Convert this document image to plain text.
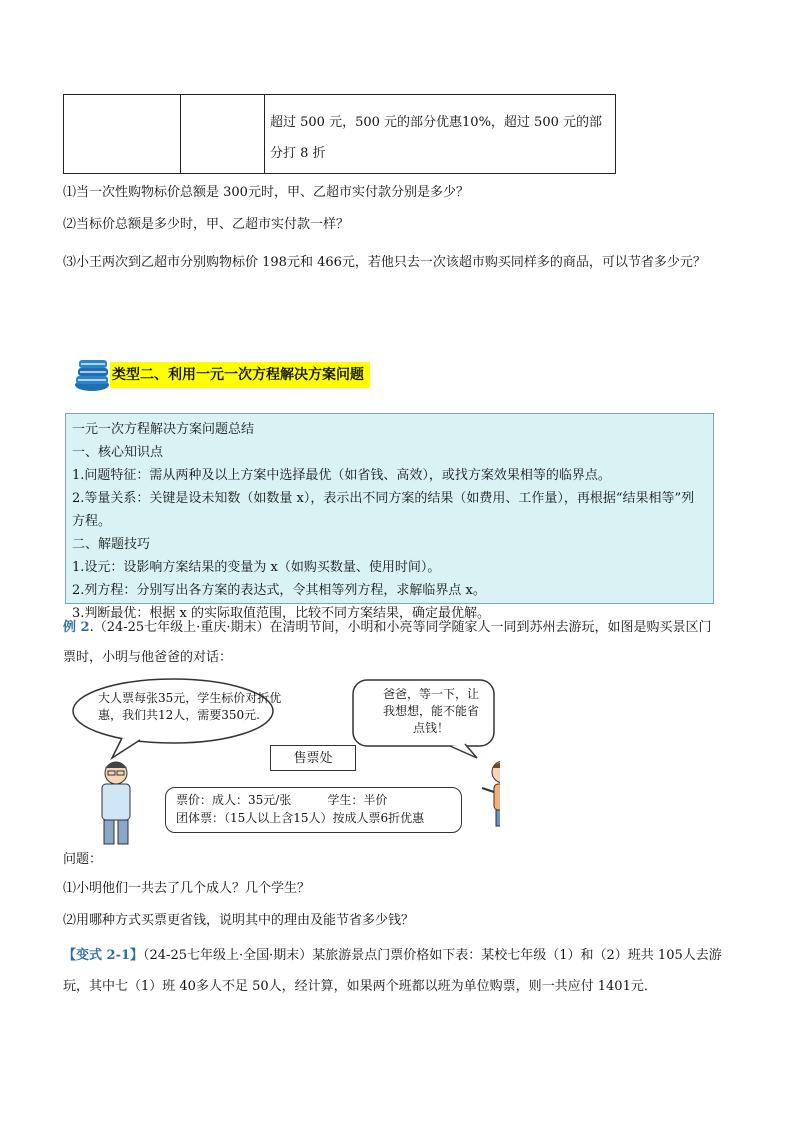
超过 500 元，500 元的部分优惠10%，超过 500 元的部分打 8 折
⑴当一次性购物标价总额是 300元时，甲、乙超市实付款分别是多少？
⑵当标价总额是多少时，甲、乙超市实付款一样？
⑶小王两次到乙超市分别购物标价 198元和 466元，若他只去一次该超市购买同样多的商品，可以节省多少元？
类型二、利用一元一次方程解决方案问题
一元一次方程解决方案问题总结
一、核心知识点
1.问题特征：需从两种及以上方案中选择最优（如省钱、高效），或找方案效果相等的临界点。
2.等量关系：关键是设未知数（如数量 x），表示出不同方案的结果（如费用、工作量），再根据“结果相等”列方程。
二、解题技巧
1.设元：设影响方案结果的变量为 x（如购买数量、使用时间）。
2.列方程：分别写出各方案的表达式，令其相等列方程，求解临界点 x。
3.判断最优：根据 x 的实际取值范围，比较不同方案结果，确定最优解。
例 2.（24-25七年级上·重庆·期末）在清明节间，小明和小亮等同学随家人一同到苏州去游玩，如图是购买景区门票时，小明与他爸爸的对话：
大人票每张35元，学生标价对折优
惠，我们共12人，需要350元.
爸爸，等一下，让
我想想，能不能省
点钱！
售票处
票价：成人：35元/张　　　学生：半价
团体票：（15人以上含15人）按成人票6折优惠
问题：
⑴小明他们一共去了几个成人？几个学生？
⑵用哪种方式买票更省钱，说明其中的理由及能节省多少钱？
【变式 2-1】（24-25七年级上·全国·期末）某旅游景点门票价格如下表：某校七年级（1）和（2）班共 105人去游玩，其中七（1）班 40多人不足 50人，经计算，如果两个班都以班为单位购票，则一共应付 1401元．
